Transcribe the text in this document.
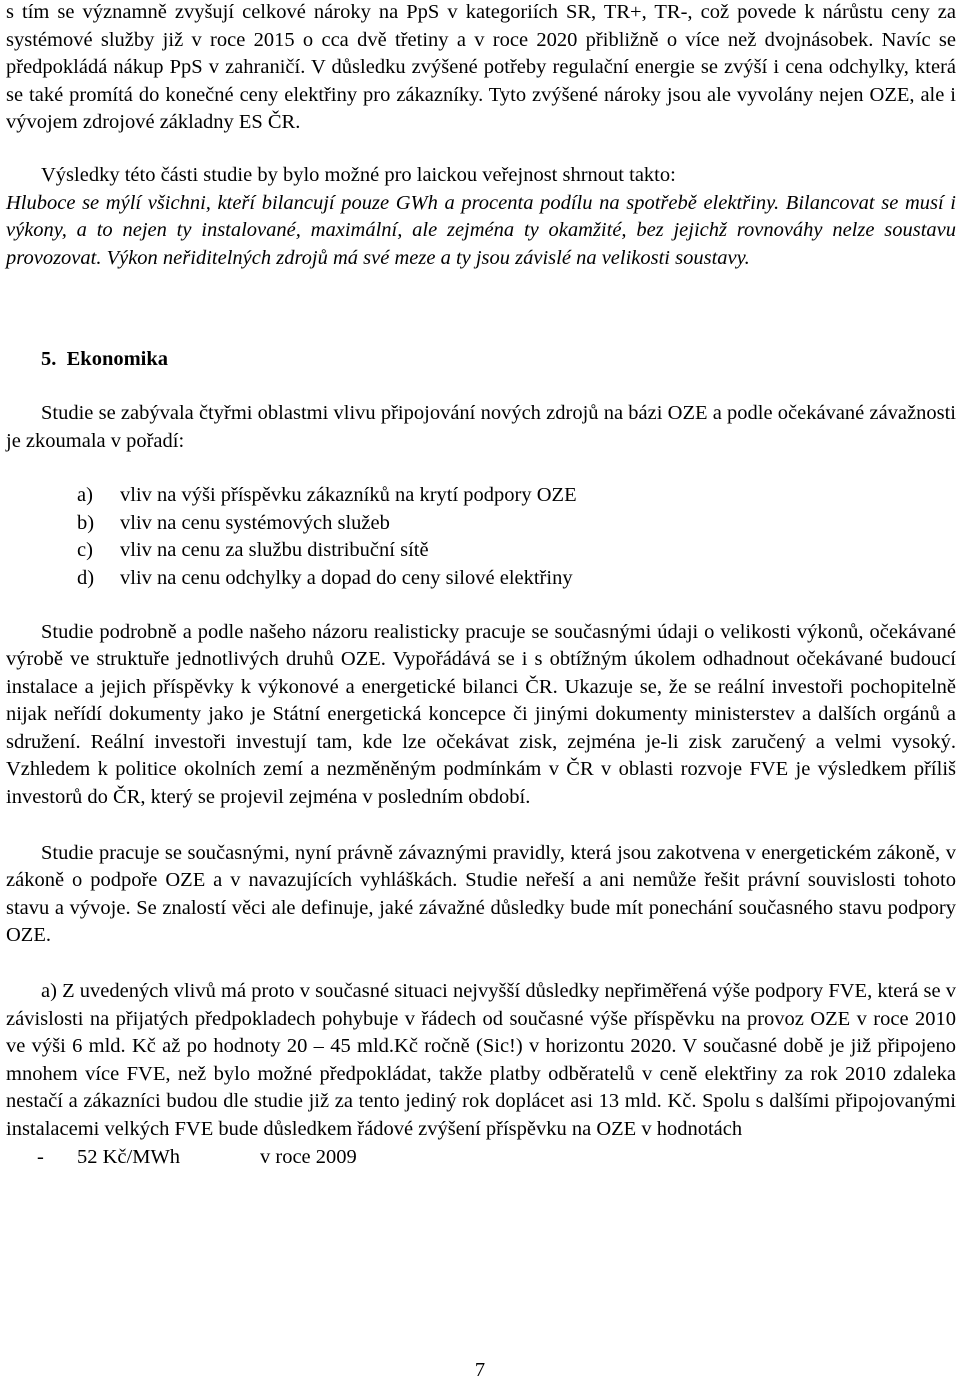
s tím se významně zvyšují celkové nároky na PpS v kategoriích SR, TR+, TR-, což povede k nárůstu ceny za systémové služby již v roce 2015 o cca dvě třetiny a v roce 2020 přibližně o více než dvojnásobek. Navíc se předpokládá nákup PpS v zahraničí. V důsledku zvýšené potřeby regulační energie se zvýší i cena odchylky, která se také promítá do konečné ceny elektřiny pro zákazníky. Tyto zvýšené nároky jsou ale vyvolány nejen OZE, ale i vývojem zdrojové základny ES ČR.

Výsledky této části studie by bylo možné pro laickou veřejnost shrnout takto:
Hluboce se mýlí všichni, kteří bilancují pouze GWh a procenta podílu na spotřebě elektřiny. Bilancovat se musí i výkony, a to nejen ty instalované, maximální, ale zejména ty okamžité, bez jejichž rovnováhy nelze soustavu provozovat. Výkon neřiditelných zdrojů má své meze a ty jsou závislé na velikosti soustavy.

5. Ekonomika

Studie se zabývala čtyřmi oblastmi vlivu připojování nových zdrojů na bázi OZE a podle očekávané závažnosti je zkoumala v pořadí:

a)	vliv na výši příspěvku zákazníků na krytí podpory OZE
b)	vliv na cenu systémových služeb
c)	vliv na cenu za službu distribuční sítě
d)	vliv na cenu odchylky a dopad do ceny silové elektřiny

Studie podrobně a podle našeho názoru realisticky pracuje se současnými údaji o velikosti výkonů, očekávané výrobě ve struktuře jednotlivých druhů OZE. Vypořádává se i s obtížným úkolem odhadnout očekávané budoucí instalace a jejich příspěvky k výkonové a energetické bilanci ČR. Ukazuje se, že se reální investoři pochopitelně nijak neřídí dokumenty jako je Státní energetická koncepce či jinými dokumenty ministerstev a dalších orgánů a sdružení. Reální investoři investují tam, kde lze očekávat zisk, zejména je-li zisk zaručený a velmi vysoký. Vzhledem k politice okolních zemí a nezměněným podmínkám v ČR v oblasti rozvoje FVE je výsledkem příliš investorů do ČR, který se projevil zejména v posledním období.

Studie pracuje se současnými, nyní právně závaznými pravidly, která jsou zakotvena v energetickém zákoně, v zákoně o podpoře OZE a v navazujících vyhláškách. Studie neřeší a ani nemůže řešit právní souvislosti tohoto stavu a vývoje. Se znalostí věci ale definuje, jaké závažné důsledky bude mít ponechání současného stavu podpory OZE.

a) Z uvedených vlivů má proto v současné situaci nejvyšší důsledky nepřiměřená výše podpory FVE, která se v závislosti na přijatých předpokladech pohybuje v řádech od současné výše příspěvku na provoz OZE v roce 2010 ve výši 6 mld. Kč až po hodnoty 20 – 45 mld.Kč ročně (Sic!) v horizontu 2020. V současné době je již připojeno mnohem více FVE, než bylo možné předpokládat, takže platby odběratelů v ceně elektřiny za rok 2010 zdaleka nestačí a zákazníci budou dle studie již za tento jediný rok doplácet asi 13 mld. Kč. Spolu s dalšími připojovanými instalacemi velkých FVE bude důsledkem řádové zvýšení příspěvku na OZE v hodnotách

-	52 Kč/MWh	v roce 2009
7
